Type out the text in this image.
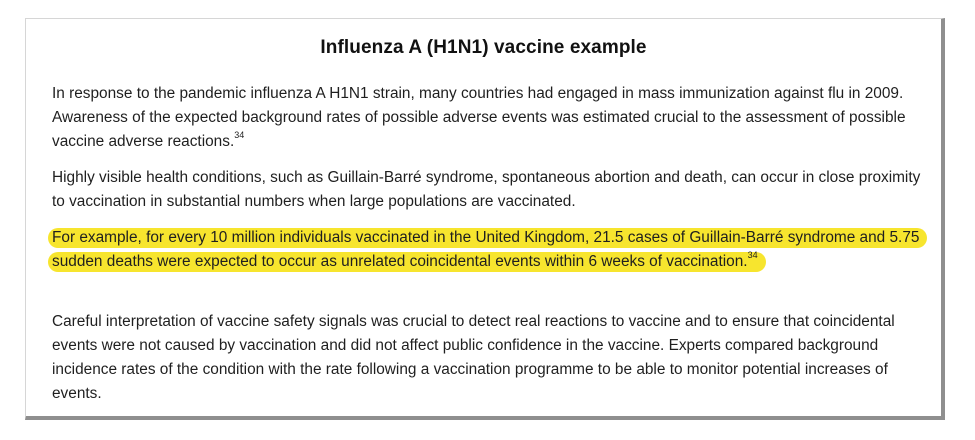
Influenza A (H1N1) vaccine example
In response to the pandemic influenza A H1N1 strain, many countries had engaged in mass immunization against flu in 2009. Awareness of the expected background rates of possible adverse events was estimated crucial to the assessment of possible vaccine adverse reactions.$^{34}$
Highly visible health conditions, such as Guillain-Barré syndrome, spontaneous abortion and death, can occur in close proximity to vaccination in substantial numbers when large populations are vaccinated.
For example, for every 10 million individuals vaccinated in the United Kingdom, 21.5 cases of Guillain-Barré syndrome and 5.75 sudden deaths were expected to occur as unrelated coincidental events within 6 weeks of vaccination.$^{34}$
Careful interpretation of vaccine safety signals was crucial to detect real reactions to vaccine and to ensure that coincidental events were not caused by vaccination and did not affect public confidence in the vaccine. Experts compared background incidence rates of the condition with the rate following a vaccination programme to be able to monitor potential increases of events.
